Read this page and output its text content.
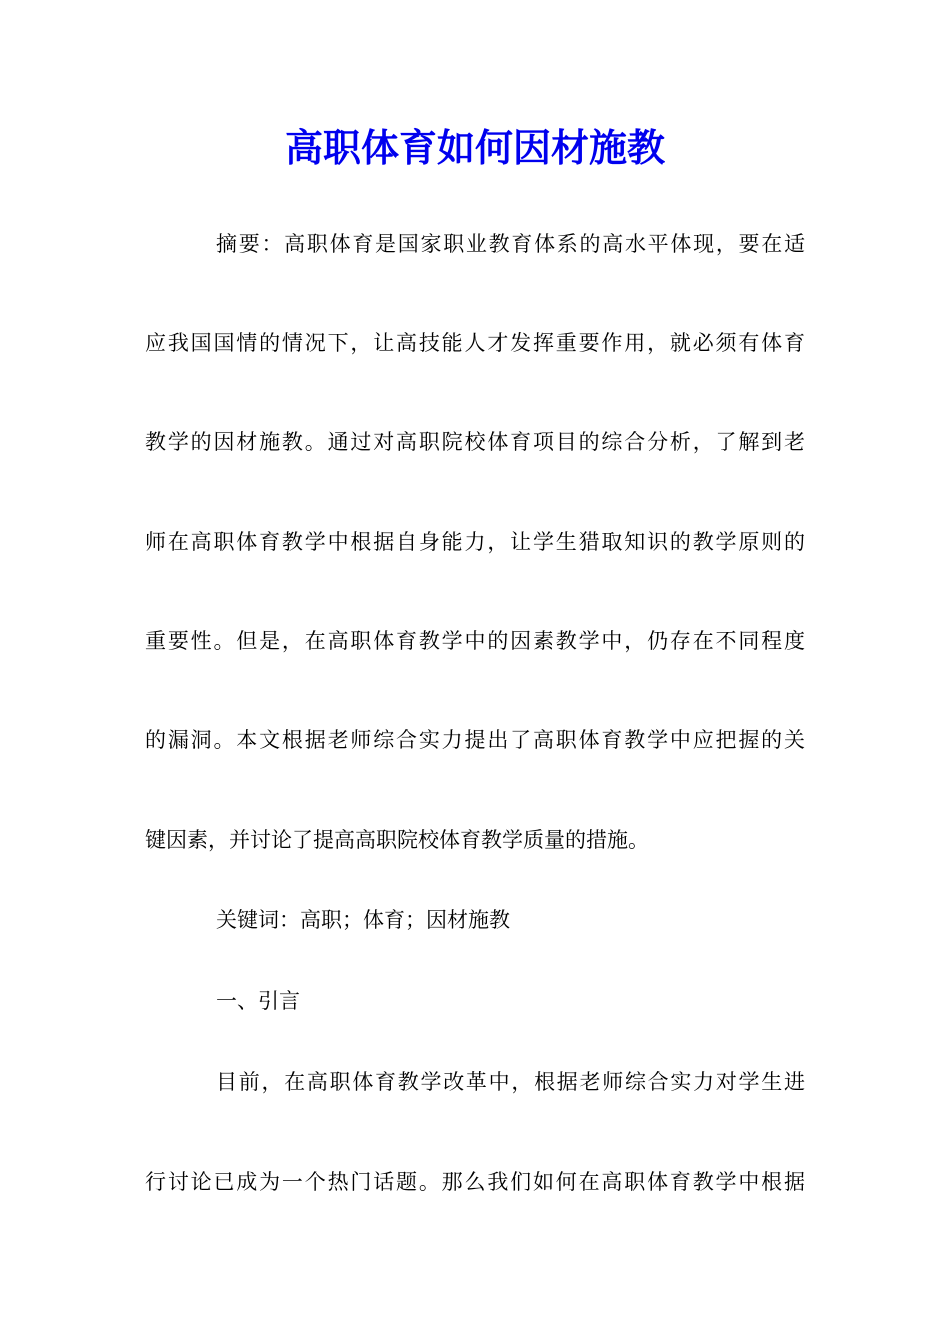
高职体育如何因材施教

摘要：高职体育是国家职业教育体系的高水平体现，要在适

应我国国情的情况下，让高技能人才发挥重要作用，就必须有体育

教学的因材施教。通过对高职院校体育项目的综合分析，了解到老

师在高职体育教学中根据自身能力，让学生猎取知识的教学原则的

重要性。但是，在高职体育教学中的因素教学中，仍存在不同程度

的漏洞。本文根据老师综合实力提出了高职体育教学中应把握的关

键因素，并讨论了提高高职院校体育教学质量的措施。

关键词：高职；体育；因材施教

一、引言

目前，在高职体育教学改革中，根据老师综合实力对学生进

行讨论已成为一个热门话题。那么我们如何在高职体育教学中根据
